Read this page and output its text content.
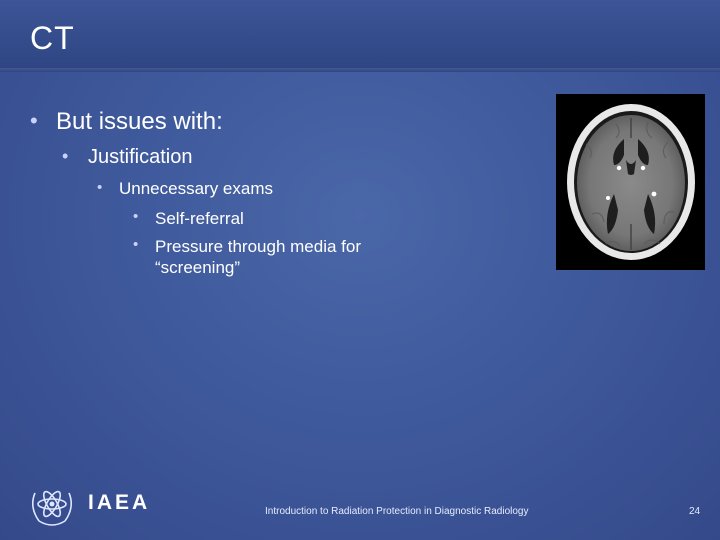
CT
• But issues with:
• Justification
• Unnecessary exams
• Self-referral
• Pressure through media for “screening”
IAEA	Introduction to Radiation Protection in Diagnostic Radiology	24
